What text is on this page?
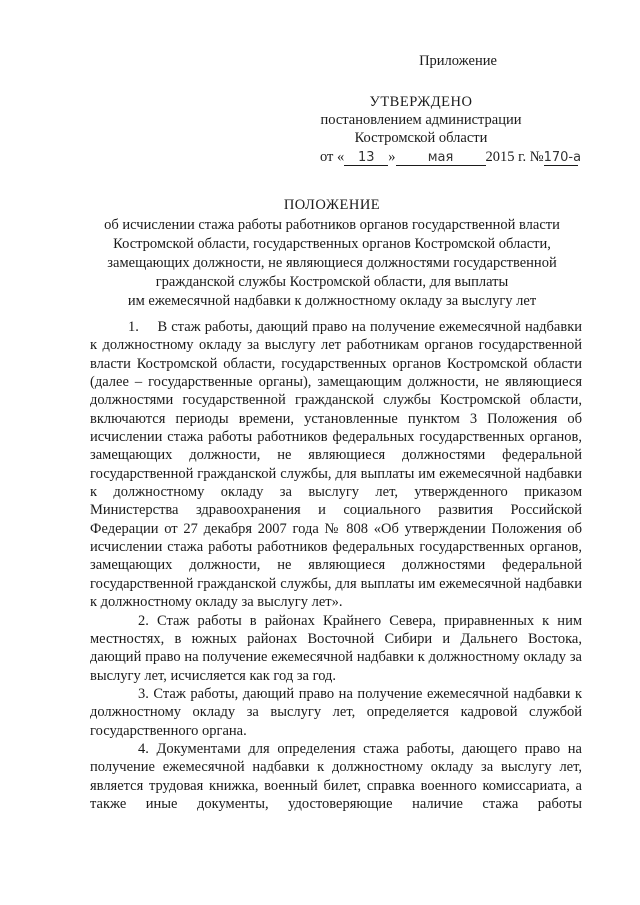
Приложение
УТВЕРЖДЕНО
постановлением администрации
Костромской области
от « 13 » мая 2015 г. №170-а
ПОЛОЖЕНИЕ
об исчислении стажа работы работников органов государственной власти
Костромской области, государственных органов Костромской области,
замещающих должности, не являющиеся должностями государственной
гражданской службы Костромской области, для выплаты
им ежемесячной надбавки к должностному окладу за выслугу лет

1.  В стаж работы, дающий право на получение ежемесячной надбавки к должностному окладу за выслугу лет работникам органов государственной власти Костромской области, государственных органов Костромской области (далее – государственные органы), замещающим должности, не являющиеся должностями государственной гражданской службы Костромской области, включаются периоды времени, установленные пунктом 3 Положения об исчислении стажа работы работников федеральных государственных органов, замещающих должности, не являющиеся должностями федеральной государственной гражданской службы, для выплаты им ежемесячной надбавки к должностному окладу за выслугу лет, утвержденного приказом Министерства здравоохранения и социального развития Российской Федерации от 27 декабря 2007 года № 808 «Об утверждении Положения об исчислении стажа работы работников федеральных государственных органов, замещающих должности, не являющиеся должностями федеральной государственной гражданской службы, для выплаты им ежемесячной надбавки к должностному окладу за выслугу лет».

2. Стаж работы в районах Крайнего Севера, приравненных к ним местностях, в южных районах Восточной Сибири и Дальнего Востока, дающий право на получение ежемесячной надбавки к должностному окладу за выслугу лет, исчисляется как год за год.

3. Стаж работы, дающий право на получение ежемесячной надбавки к должностному окладу за выслугу лет, определяется кадровой службой государственного органа.

4. Документами для определения стажа работы, дающего право на получение ежемесячной надбавки к должностному окладу за выслугу лет, является трудовая книжка, военный билет, справка военного комиссариата, а также иные документы, удостоверяющие наличие стажа работы
